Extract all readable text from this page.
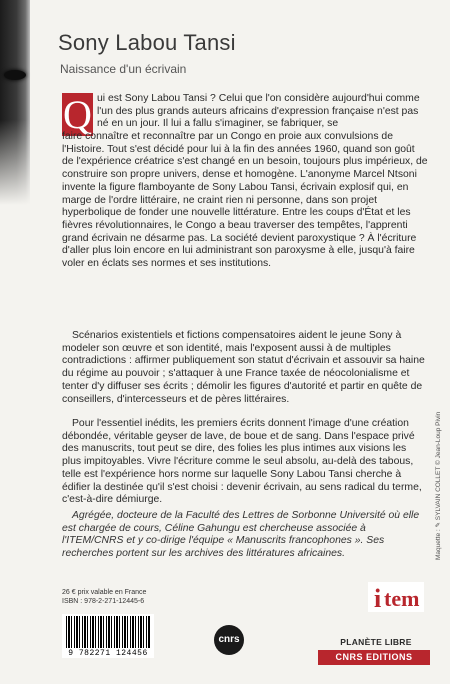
Sony Labou Tansi
Naissance d'un écrivain
Q ui est Sony Labou Tansi ? Celui que l'on considère aujourd'hui comme l'un des plus grands auteurs africains d'expression française n'est pas né en un jour. Il lui a fallu s'imaginer, se fabriquer, se
faire connaître et reconnaître par un Congo en proie aux convulsions de l'Histoire. Tout s'est décidé pour lui à la fin des années 1960, quand son goût de l'expérience créatrice s'est changé en un besoin, toujours plus impérieux, de construire son propre univers, dense et homogène. L'anonyme Marcel Ntsoni invente la figure flamboyante de Sony Labou Tansi, écrivain explosif qui, en marge de l'ordre littéraire, ne craint rien ni personne, dans son projet hyperbolique de fonder une nouvelle littérature. Entre les coups d'État et les fièvres révolutionnaires, le Congo a beau traverser des tempêtes, l'apprenti grand écrivain ne désarme pas. La société devient paroxystique ? À l'écriture d'aller plus loin encore en lui administrant son paroxysme à elle, jusqu'à faire voler en éclats ses normes et ses institutions.
Scénarios existentiels et fictions compensatoires aident le jeune Sony à modeler son œuvre et son identité, mais l'exposent aussi à de multiples contradictions : affirmer publiquement son statut d'écrivain et assouvir sa haine du régime au pouvoir ; s'attaquer à une France taxée de néocolonialisme et tenter d'y diffuser ses écrits ; démolir les figures d'autorité et partir en quête de conseillers, d'intercesseurs et de pères littéraires.
Pour l'essentiel inédits, les premiers écrits donnent l'image d'une création débondée, véritable geyser de lave, de boue et de sang. Dans l'espace privé des manuscrits, tout peut se dire, des folies les plus intimes aux visions les plus impitoyables. Vivre l'écriture comme le seul absolu, au-delà des tabous, telle est l'expérience hors norme sur laquelle Sony Labou Tansi cherche à édifier la destinée qu'il s'est choisi : devenir écrivain, au sens radical du terme, c'est-à-dire démiurge.
Agrégée, docteure de la Faculté des Lettres de Sorbonne Université où elle est chargée de cours, Céline Gahungu est chercheuse associée à l'ITEM/CNRS et y co-dirige l'équipe « Manuscrits francophones ». Ses recherches portent sur les archives des littératures africaines.	Maquette : ✎ SYLVAIN COLLET © Jean-Loup Pivin
26 € prix valable en France
ISBN : 978-2-271-12445-6
9 782271 124456
cnrs
i tem
PLANÈTE LIBRE
CNRS EDITIONS
